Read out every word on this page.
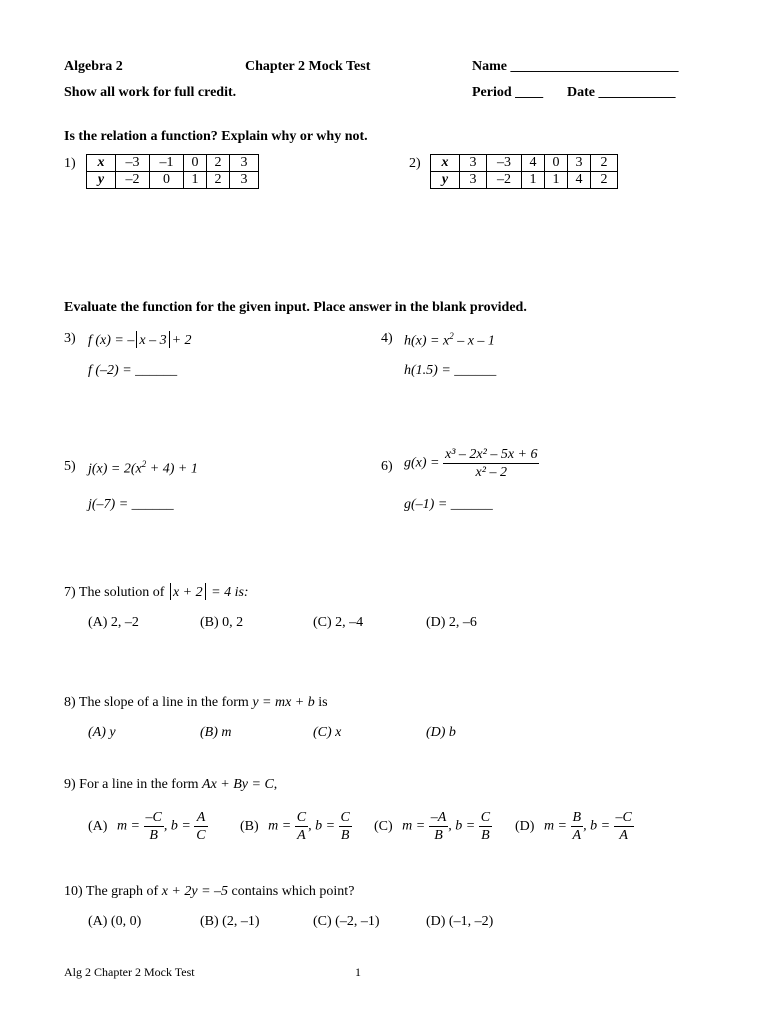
Algebra 2	Chapter 2 Mock Test	Name ________________________
Show all work for full credit.	Period ____ Date ___________
Is the relation a function? Explain why or why not.
1) x	–3	–1	0	2	3
y	–2	0	1	2	3
2) x	3	–3	4	0	3	2
y	3	–2	1	1	4	2
Evaluate the function for the given input. Place answer in the blank provided.
3) f (x) = – x – 3 + 2
f (–2) = ______
4) $h(x) = x^2 - x - 1$
h(1.5) = ______
5) $j(x) = 2(x^2 + 4) + 1$
j(–7) = ______
6) $g(x) = \frac{\text{x³ – 2x² – 5x + 6}}{\text{x² – 2}}$
g(–1) = ______
7) The solution of x + 2 = 4 is:
(A) 2, –2	(B) 0, 2	(C) 2, –4	(D) 2, –6
8) The slope of a line in the form y = mx + b is
(A) y	(B) m	(C) x	(D) b
9) For a line in the form Ax + By = C,
(A) $m = \frac{-C}{B}$ , $b = \frac{A}{C} (B) m = \frac{C}{A}$ , $b = \frac{C}{B} (C) m = \frac{-A}{B}$ , $b = \frac{C}{B} (D) m = \frac{B}{A}$ , $b = \frac{-C}{A}$
10) The graph of x + 2y = –5 contains which point?
(A) (0, 0)	(B) (2, –1)	(C) (–2, –1)	(D) (–1, –2)
Alg 2 Chapter 2 Mock Test	1
